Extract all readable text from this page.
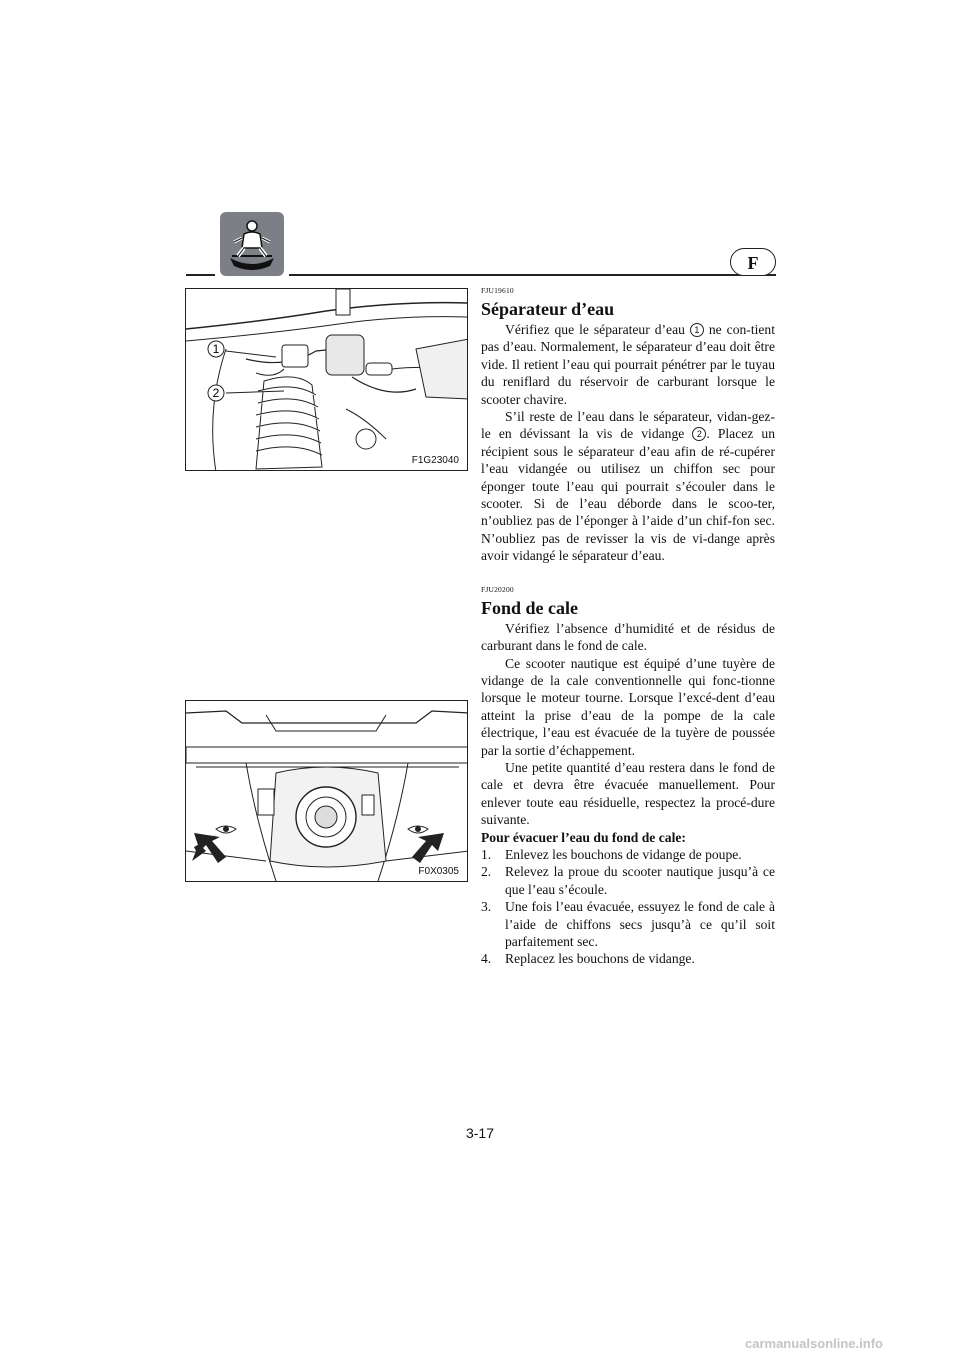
F
1
2
F1G23040
F0X0305
FJU19610
Séparateur d’eau

Vérifiez que le séparateur d’eau 1 ne con-tient pas d’eau. Normalement, le séparateur d’eau doit être vide. Il retient l’eau qui pourrait pénétrer par le tuyau du reniflard du réservoir de carburant lorsque le scooter chavire.

S’il reste de l’eau dans le séparateur, vidan-gez-le en dévissant la vis de vidange 2 . Placez un récipient sous le séparateur d’eau afin de ré-cupérer l’eau vidangée ou utilisez un chiffon sec pour éponger toute l’eau qui pourrait s’écouler dans le scooter. Si de l’eau déborde dans le scoo-ter, n’oubliez pas de l’éponger à l’aide d’un chif-fon sec. N’oubliez pas de revisser la vis de vi-dange après avoir vidangé le séparateur d’eau.

FJU20200
Fond de cale

Vérifiez l’absence d’humidité et de résidus de carburant dans le fond de cale.

Ce scooter nautique est équipé d’une tuyère de vidange de la cale conventionnelle qui fonc-tionne lorsque le moteur tourne. Lorsque l’excé-dent d’eau atteint la prise d’eau de la pompe de la cale électrique, l’eau est évacuée de la tuyère de poussée par la sortie d’échappement.

Une petite quantité d’eau restera dans le fond de cale et devra être évacuée manuellement. Pour enlever toute eau résiduelle, respectez la procé-dure suivante.

Pour évacuer l’eau du fond de cale:

1. Enlevez les bouchons de vidange de poupe.
2. Relevez la proue du scooter nautique jusqu’à ce que l’eau s’écoule.
3. Une fois l’eau évacuée, essuyez le fond de cale à l’aide de chiffons secs jusqu’à ce qu’il soit parfaitement sec.
4. Replacez les bouchons de vidange.
3-17
carmanualsonline.info
